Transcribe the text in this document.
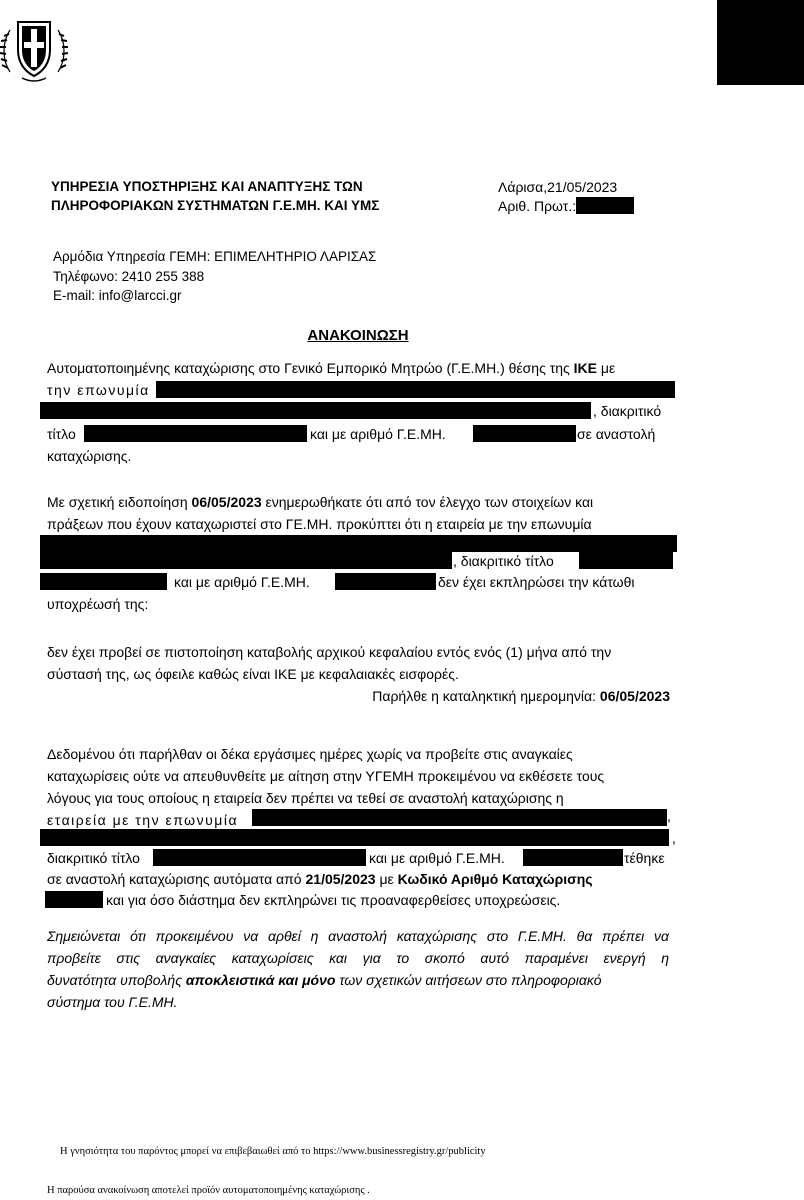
ΥΠΗΡΕΣΙΑ ΥΠΟΣΤΗΡΙΞΗΣ ΚΑΙ ΑΝΑΠΤΥΞΗΣ ΤΩΝ
ΠΛΗΡΟΦΟΡΙΑΚΩΝ ΣΥΣΤΗΜΑΤΩΝ Γ.Ε.ΜΗ. ΚΑΙ ΥΜΣ
Λάρισα,21/05/2023
Αριθ. Πρωτ.:
Αρμόδια Υπηρεσία ΓΕΜΗ: ΕΠΙΜΕΛΗΤΗΡΙΟ ΛΑΡΙΣΑΣ
Τηλέφωνο: 2410 255 388
E-mail: info@larcci.gr
ΑΝΑΚΟΙΝΩΣΗ
Αυτοματοποιημένης καταχώρισης στο Γενικό Εμπορικό Μητρώο (Γ.Ε.ΜΗ.) θέσης της ΙΚΕ με
την επωνυμία
, διακριτικό
τίτλο	και με αριθμό Γ.Ε.ΜΗ.	σε αναστολή
καταχώρισης.
Με σχετική ειδοποίηση 06/05/2023 ενημερωθήκατε ότι από τον έλεγχο των στοιχείων και
πράξεων που έχουν καταχωριστεί στο ΓΕ.ΜΗ. προκύπτει ότι η εταιρεία με την επωνυμία
, διακριτικό τίτλο
και με αριθμό Γ.Ε.ΜΗ.	δεν έχει εκπληρώσει την κάτωθι
υποχρέωσή της:
δεν έχει προβεί σε πιστοποίηση καταβολής αρχικού κεφαλαίου εντός ενός (1) μήνα από την
σύστασή της, ως όφειλε καθώς είναι ΙΚΕ με κεφαλαιακές εισφορές.
Παρήλθε η καταληκτική ημερομηνία: 06/05/2023
Δεδομένου ότι παρήλθαν οι δέκα εργάσιμες ημέρες χωρίς να προβείτε στις αναγκαίες
καταχωρίσεις ούτε να απευθυνθείτε με αίτηση στην ΥΓΕΜΗ προκειμένου να εκθέσετε τους
λόγους για τους οποίους η εταιρεία δεν πρέπει να τεθεί σε αναστολή καταχώρισης η
εταιρεία με την επωνυμία	,
,
διακριτικό τίτλο	και με αριθμό Γ.Ε.ΜΗ.	τέθηκε
σε αναστολή καταχώρισης αυτόματα από 21/05/2023 με Κωδικό Αριθμό Καταχώρισης
και για όσο διάστημα δεν εκπληρώνει τις προαναφερθείσες υποχρεώσεις.
Σημειώνεται ότι προκειμένου να αρθεί η αναστολή καταχώρισης στο Γ.Ε.ΜΗ. θα πρέπει να
προβείτε στις αναγκαίες καταχωρίσεις και για το σκοπό αυτό παραμένει ενεργή η
δυνατότητα υποβολής αποκλειστικά και μόνο των σχετικών αιτήσεων στο πληροφοριακό
σύστημα του Γ.Ε.ΜΗ.
Η γνησιότητα του παρόντος μπορεί να επιβεβαιωθεί από το https://www.businessregistry.gr/publicity
Η παρούσα ανακοίνωση αποτελεί προϊόν αυτοματοποιημένης καταχώρισης .
